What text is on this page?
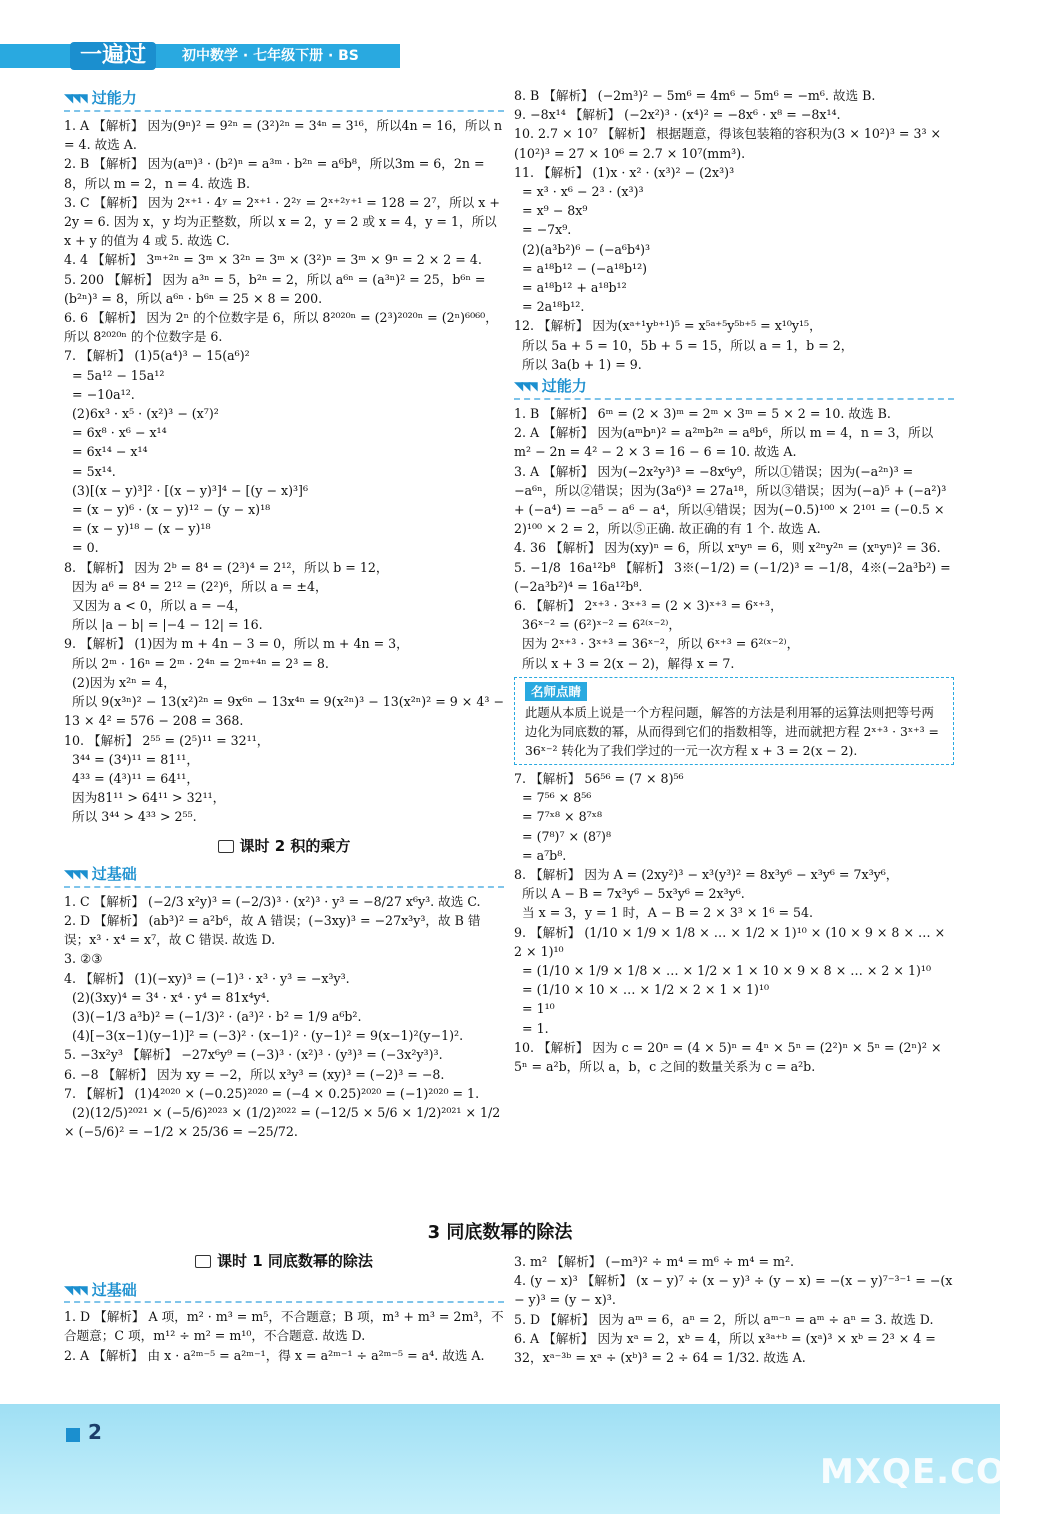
一遍过	初中数学 · 七年级下册 · BS
◥◥◥ 过能力

1. A 【解析】 因为(9ⁿ)² = 9²ⁿ = (3²)²ⁿ = 3⁴ⁿ = 3¹⁶，所以4n = 16，所以 n = 4. 故选 A.

2. B 【解析】 因为(aᵐ)³ · (b²)ⁿ = a³ᵐ · b²ⁿ = a⁶b⁸，所以3m = 6，2n = 8，所以 m = 2，n = 4. 故选 B.

3. C 【解析】 因为 2ˣ⁺¹ · 4ʸ = 2ˣ⁺¹ · 2²ʸ = 2ˣ⁺²ʸ⁺¹ = 128 = 2⁷，所以 x + 2y = 6. 因为 x，y 均为正整数，所以 x = 2，y = 2 或 x = 4，y = 1，所以 x + y 的值为 4 或 5. 故选 C.

4. 4 【解析】 3ᵐ⁺²ⁿ = 3ᵐ × 3²ⁿ = 3ᵐ × (3²)ⁿ = 3ᵐ × 9ⁿ = 2 × 2 = 4.

5. 200 【解析】 因为 a³ⁿ = 5，b²ⁿ = 2，所以 a⁶ⁿ = (a³ⁿ)² = 25，b⁶ⁿ = (b²ⁿ)³ = 8，所以 a⁶ⁿ · b⁶ⁿ = 25 × 8 = 200.

6. 6 【解析】 因为 2ⁿ 的个位数字是 6，所以 8²⁰²⁰ⁿ = (2³)²⁰²⁰ⁿ = (2ⁿ)⁶⁰⁶⁰，所以 8²⁰²⁰ⁿ 的个位数字是 6.

7. 【解析】 (1)5(a⁴)³ − 15(a⁶)²
= 5a¹² − 15a¹²
= −10a¹².
(2)6x³ · x⁵ · (x²)³ − (x⁷)²
= 6x⁸ · x⁶ − x¹⁴
= 6x¹⁴ − x¹⁴
= 5x¹⁴.
(3)[(x − y)³]² · [(x − y)³]⁴ − [(y − x)³]⁶
= (x − y)⁶ · (x − y)¹² − (y − x)¹⁸
= (x − y)¹⁸ − (x − y)¹⁸
= 0.

8. 【解析】 因为 2ᵇ = 8⁴ = (2³)⁴ = 2¹²，所以 b = 12，
因为 a⁶ = 8⁴ = 2¹² = (2²)⁶，所以 a = ±4，
又因为 a < 0，所以 a = −4，
所以 |a − b| = |−4 − 12| = 16.

9. 【解析】 (1)因为 m + 4n − 3 = 0，所以 m + 4n = 3，
所以 2ᵐ · 16ⁿ = 2ᵐ · 2⁴ⁿ = 2ᵐ⁺⁴ⁿ = 2³ = 8.
(2)因为 x²ⁿ = 4，
所以 9(x³ⁿ)² − 13(x²)²ⁿ = 9x⁶ⁿ − 13x⁴ⁿ = 9(x²ⁿ)³ − 13(x²ⁿ)² = 9 × 4³ − 13 × 4² = 576 − 208 = 368.

10. 【解析】 2⁵⁵ = (2⁵)¹¹ = 32¹¹，
3⁴⁴ = (3⁴)¹¹ = 81¹¹，
4³³ = (4³)¹¹ = 64¹¹，
因为81¹¹ > 64¹¹ > 32¹¹，
所以 3⁴⁴ > 4³³ > 2⁵⁵.

课时 2 积的乘方
◥◥◥ 过基础

1. C 【解析】 (−2/3 x²y)³ = (−2/3)³ · (x²)³ · y³ = −8/27 x⁶y³. 故选 C.

2. D 【解析】 (ab³)² = a²b⁶，故 A 错误；(−3xy)³ = −27x³y³，故 B 错误；x³ · x⁴ = x⁷，故 C 错误. 故选 D.

3. ②③

4. 【解析】 (1)(−xy)³ = (−1)³ · x³ · y³ = −x³y³.
(2)(3xy)⁴ = 3⁴ · x⁴ · y⁴ = 81x⁴y⁴.
(3)(−1/3 a³b)² = (−1/3)² · (a³)² · b² = 1/9 a⁶b².
(4)[−3(x−1)(y−1)]² = (−3)² · (x−1)² · (y−1)² = 9(x−1)²(y−1)².

5. −3x²y³ 【解析】 −27x⁶y⁹ = (−3)³ · (x²)³ · (y³)³ = (−3x²y³)³.

6. −8 【解析】 因为 xy = −2，所以 x³y³ = (xy)³ = (−2)³ = −8.

7. 【解析】 (1)4²⁰²⁰ × (−0.25)²⁰²⁰ = (−4 × 0.25)²⁰²⁰ = (−1)²⁰²⁰ = 1.
(2)(12/5)²⁰²¹ × (−5/6)²⁰²³ × (1/2)²⁰²² = (−12/5 × 5/6 × 1/2)²⁰²¹ × 1/2 × (−5/6)² = −1/2 × 25/36 = −25/72.

8. B 【解析】 (−2m³)² − 5m⁶ = 4m⁶ − 5m⁶ = −m⁶. 故选 B.

9. −8x¹⁴ 【解析】 (−2x²)³ · (x⁴)² = −8x⁶ · x⁸ = −8x¹⁴.

10. 2.7 × 10⁷ 【解析】 根据题意，得该包装箱的容积为(3 × 10²)³ = 3³ × (10²)³ = 27 × 10⁶ = 2.7 × 10⁷(mm³).

11. 【解析】 (1)x · x² · (x³)² − (2x³)³
= x³ · x⁶ − 2³ · (x³)³
= x⁹ − 8x⁹
= −7x⁹.
(2)(a³b²)⁶ − (−a⁶b⁴)³
= a¹⁸b¹² − (−a¹⁸b¹²)
= a¹⁸b¹² + a¹⁸b¹²
= 2a¹⁸b¹².

12. 【解析】 因为(xᵃ⁺¹yᵇ⁺¹)⁵ = x⁵ᵃ⁺⁵y⁵ᵇ⁺⁵ = x¹⁰y¹⁵，
所以 5a + 5 = 10，5b + 5 = 15，所以 a = 1，b = 2，
所以 3a(b + 1) = 9.

◥◥◥ 过能力

1. B 【解析】 6ᵐ = (2 × 3)ᵐ = 2ᵐ × 3ᵐ = 5 × 2 = 10. 故选 B.

2. A 【解析】 因为(aᵐbⁿ)² = a²ᵐb²ⁿ = a⁸b⁶，所以 m = 4，n = 3，所以 m² − 2n = 4² − 2 × 3 = 16 − 6 = 10. 故选 A.

3. A 【解析】 因为(−2x²y³)³ = −8x⁶y⁹，所以①错误；因为(−a²ⁿ)³ = −a⁶ⁿ，所以②错误；因为(3a⁶)³ = 27a¹⁸，所以③错误；因为(−a)⁵ + (−a²)³ + (−a⁴) = −a⁵ − a⁶ − a⁴，所以④错误；因为(−0.5)¹⁰⁰ × 2¹⁰¹ = (−0.5 × 2)¹⁰⁰ × 2 = 2，所以⑤正确. 故正确的有 1 个. 故选 A.

4. 36 【解析】 因为(xy)ⁿ = 6，所以 xⁿyⁿ = 6，则 x²ⁿy²ⁿ = (xⁿyⁿ)² = 36.

5. −1/8  16a¹²b⁸ 【解析】 3※(−1/2) = (−1/2)³ = −1/8，4※(−2a³b²) = (−2a³b²)⁴ = 16a¹²b⁸.

6. 【解析】 2ˣ⁺³ · 3ˣ⁺³ = (2 × 3)ˣ⁺³ = 6ˣ⁺³，
36ˣ⁻² = (6²)ˣ⁻² = 6²⁽ˣ⁻²⁾，
因为 2ˣ⁺³ · 3ˣ⁺³ = 36ˣ⁻²，所以 6ˣ⁺³ = 6²⁽ˣ⁻²⁾，
所以 x + 3 = 2(x − 2)，解得 x = 7.

名师点睛
此题从本质上说是一个方程问题，解答的方法是利用幂的运算法则把等号两边化为同底数的幂，从而得到它们的指数相等，进而就把方程 2ˣ⁺³ · 3ˣ⁺³ = 36ˣ⁻² 转化为了我们学过的一元一次方程 x + 3 = 2(x − 2).

7. 【解析】 56⁵⁶ = (7 × 8)⁵⁶
= 7⁵⁶ × 8⁵⁶
= 7⁷ˣ⁸ × 8⁷ˣ⁸
= (7⁸)⁷ × (8⁷)⁸
= a⁷b⁸.

8. 【解析】 因为 A = (2xy²)³ − x³(y³)² = 8x³y⁶ − x³y⁶ = 7x³y⁶，
所以 A − B = 7x³y⁶ − 5x³y⁶ = 2x³y⁶.
当 x = 3，y = 1 时，A − B = 2 × 3³ × 1⁶ = 54.

9. 【解析】 (1/10 × 1/9 × 1/8 × … × 1/2 × 1)¹⁰ × (10 × 9 × 8 × … × 2 × 1)¹⁰
= (1/10 × 1/9 × 1/8 × … × 1/2 × 1 × 10 × 9 × 8 × … × 2 × 1)¹⁰
= (1/10 × 10 × … × 1/2 × 2 × 1 × 1)¹⁰
= 1¹⁰
= 1.

10. 【解析】 因为 c = 20ⁿ = (4 × 5)ⁿ = 4ⁿ × 5ⁿ = (2²)ⁿ × 5ⁿ = (2ⁿ)² × 5ⁿ = a²b，所以 a，b，c 之间的数量关系为 c = a²b.

3 同底数幂的除法
课时 1 同底数幂的除法
◥◥◥ 过基础

1. D 【解析】 A 项，m² · m³ = m⁵，不合题意；B 项，m³ + m³ = 2m³，不合题意；C 项，m¹² ÷ m² = m¹⁰，不合题意. 故选 D.

2. A 【解析】 由 x · a²ᵐ⁻⁵ = a²ᵐ⁻¹，得 x = a²ᵐ⁻¹ ÷ a²ᵐ⁻⁵ = a⁴. 故选 A.

3. m² 【解析】 (−m³)² ÷ m⁴ = m⁶ ÷ m⁴ = m².

4. (y − x)³ 【解析】 (x − y)⁷ ÷ (x − y)³ ÷ (y − x) = −(x − y)⁷⁻³⁻¹ = −(x − y)³ = (y − x)³.

5. D 【解析】 因为 aᵐ = 6，aⁿ = 2，所以 aᵐ⁻ⁿ = aᵐ ÷ aⁿ = 3. 故选 D.

6. A 【解析】 因为 xᵃ = 2，xᵇ = 4，所以 x³ᵃ⁺ᵇ = (xᵃ)³ × xᵇ = 2³ × 4 = 32，xᵃ⁻³ᵇ = xᵃ ÷ (xᵇ)³ = 2 ÷ 64 = 1/32. 故选 A.

2
MXQE.COM
